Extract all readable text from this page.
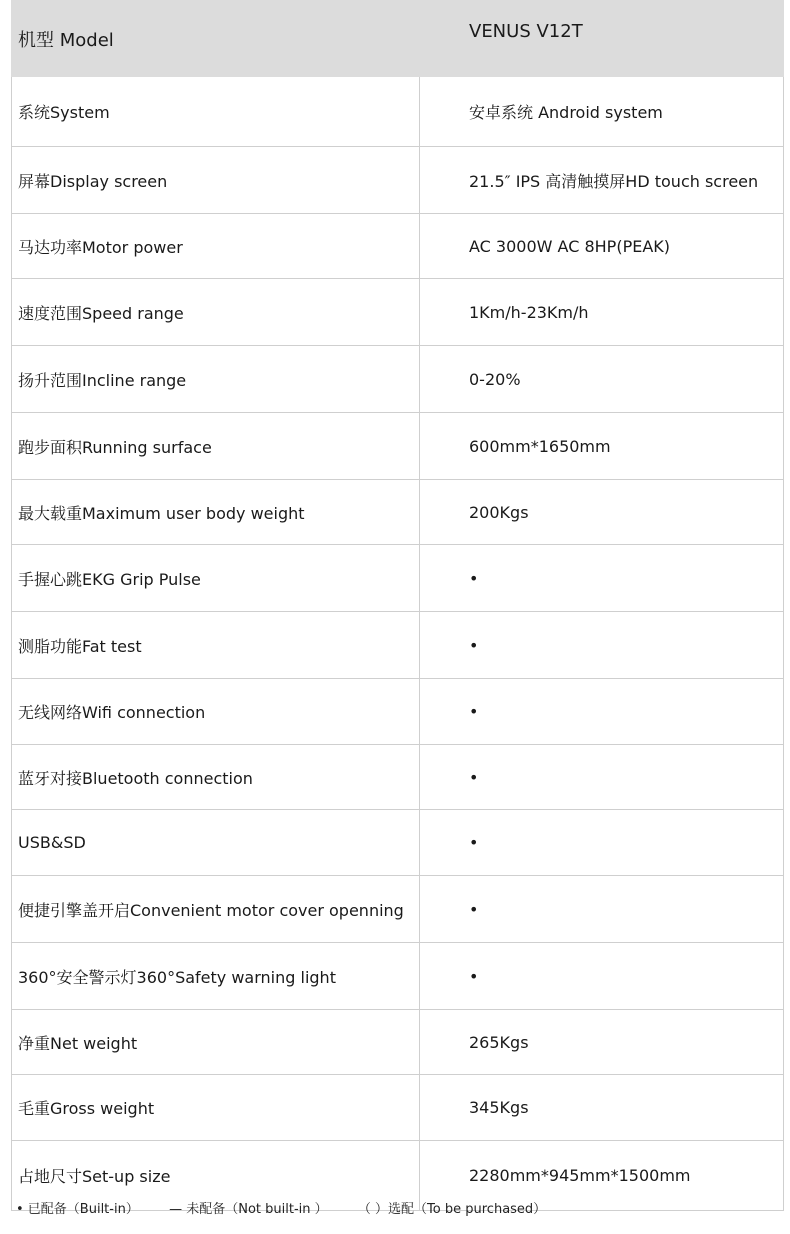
机型 Model	VENUS V12T
系统System	安卓系统 Android system
屏幕Display screen	21.5″ IPS 高清触摸屏HD touch screen
马达功率Motor power	AC 3000W AC 8HP(PEAK)
速度范围Speed range	1Km/h-23Km/h
扬升范围Incline range	0-20%
跑步面积Running surface	600mm*1650mm
最大载重Maximum user body weight	200Kgs
手握心跳EKG Grip Pulse	•
测脂功能Fat test	•
无线网络Wifi connection	•
蓝牙对接Bluetooth connection	•
USB&SD	•
便捷引擎盖开启Convenient motor cover openning	•
360°安全警示灯360°Safety warning light	•
净重Net weight	265Kgs
毛重Gross weight	345Kgs
占地尺寸Set-up size	2280mm*945mm*1500mm
• 已配备（Built-in） — 未配备（Not built-in ） （ ）选配（To be purchased）
